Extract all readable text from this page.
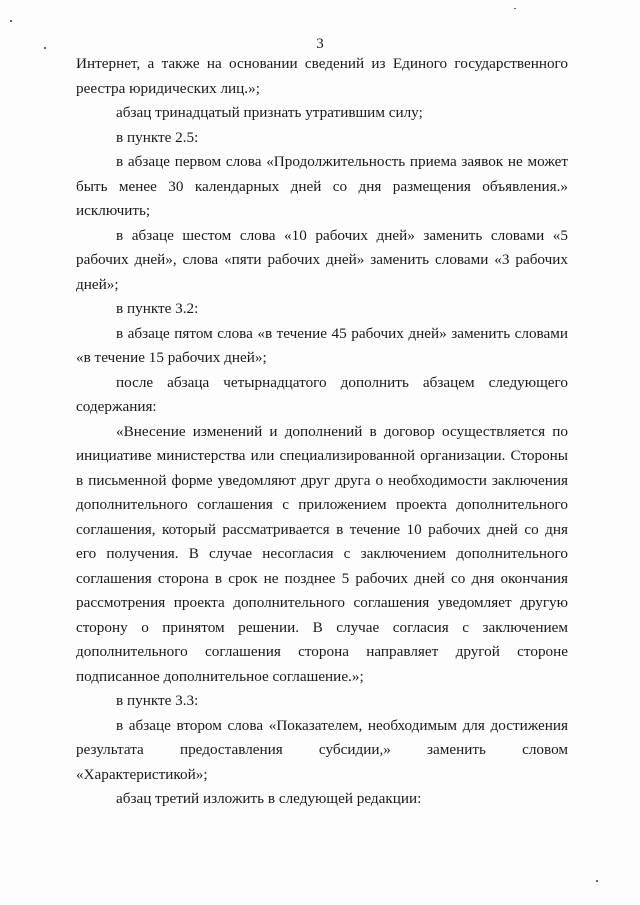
3

Интернет, а также на основании сведений из Единого государственного реестра юридических лиц.»;

абзац тринадцатый признать утратившим силу;

в пункте 2.5:

в абзаце первом слова «Продолжительность приема заявок не может быть менее 30 календарных дней со дня размещения объявления.» исключить;

в абзаце шестом слова «10 рабочих дней» заменить словами «5 рабочих дней», слова «пяти рабочих дней» заменить словами «3 рабочих дней»;

в пункте 3.2:

в абзаце пятом слова «в течение 45 рабочих дней» заменить словами «в течение 15 рабочих дней»;

после абзаца четырнадцатого дополнить абзацем следующего содержания:

«Внесение изменений и дополнений в договор осуществляется по инициативе министерства или специализированной организации. Стороны в письменной форме уведомляют друг друга о необходимости заключения дополнительного соглашения с приложением проекта дополнительного соглашения, который рассматривается в течение 10 рабочих дней со дня его получения. В случае несогласия с заключением дополнительного соглашения сторона в срок не позднее 5 рабочих дней со дня окончания рассмотрения проекта дополнительного соглашения уведомляет другую сторону о принятом решении. В случае согласия с заключением дополнительного соглашения сторона направляет другой стороне подписанное дополнительное соглашение.»;

в пункте 3.3:

в абзаце втором слова «Показателем, необходимым для достижения результата предоставления субсидии,» заменить словом «Характеристикой»;

абзац третий изложить в следующей редакции:
